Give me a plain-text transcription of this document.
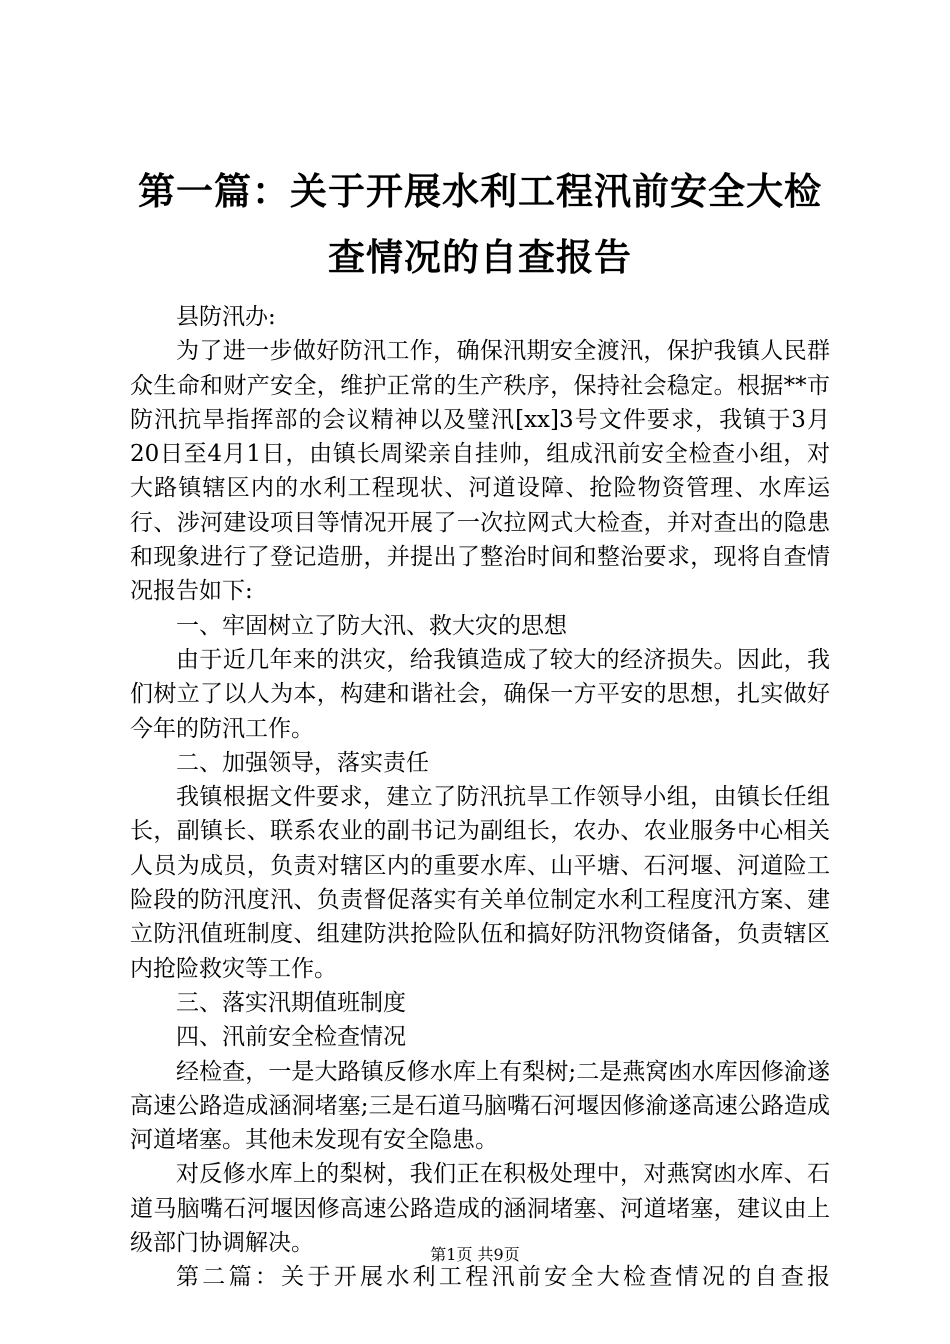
第一篇：关于开展水利工程汛前安全大检查情况的自查报告

县防汛办:

为了进一步做好防汛工作，确保汛期安全渡汛，保护我镇人民群众生命和财产安全，维护正常的生产秩序，保持社会稳定。根据**市防汛抗旱指挥部的会议精神以及璧汛[xx]3号文件要求，我镇于3月20日至4月1日，由镇长周梁亲自挂帅，组成汛前安全检查小组，对大路镇辖区内的水利工程现状、河道设障、抢险物资管理、水库运行、涉河建设项目等情况开展了一次拉网式大检查，并对查出的隐患和现象进行了登记造册，并提出了整治时间和整治要求，现将自查情况报告如下:

一、牢固树立了防大汛、救大灾的思想

由于近几年来的洪灾，给我镇造成了较大的经济损失。因此，我们树立了以人为本，构建和谐社会，确保一方平安的思想，扎实做好今年的防汛工作。

二、加强领导，落实责任

我镇根据文件要求，建立了防汛抗旱工作领导小组，由镇长任组长，副镇长、联系农业的副书记为副组长，农办、农业服务中心相关人员为成员，负责对辖区内的重要水库、山平塘、石河堰、河道险工险段的防汛度汛、负责督促落实有关单位制定水利工程度汛方案、建立防汛值班制度、组建防洪抢险队伍和搞好防汛物资储备，负责辖区内抢险救灾等工作。

三、落实汛期值班制度

四、汛前安全检查情况

经检查，一是大路镇反修水库上有梨树;二是燕窝凼水库因修渝遂高速公路造成涵洞堵塞;三是石道马脑嘴石河堰因修渝遂高速公路造成河道堵塞。其他未发现有安全隐患。

对反修水库上的梨树，我们正在积极处理中，对燕窝凼水库、石道马脑嘴石河堰因修高速公路造成的涵洞堵塞、河道堵塞，建议由上级部门协调解决。

第二篇：关于开展水利工程汛前安全大检查情况的自查报

第1页 共9页
